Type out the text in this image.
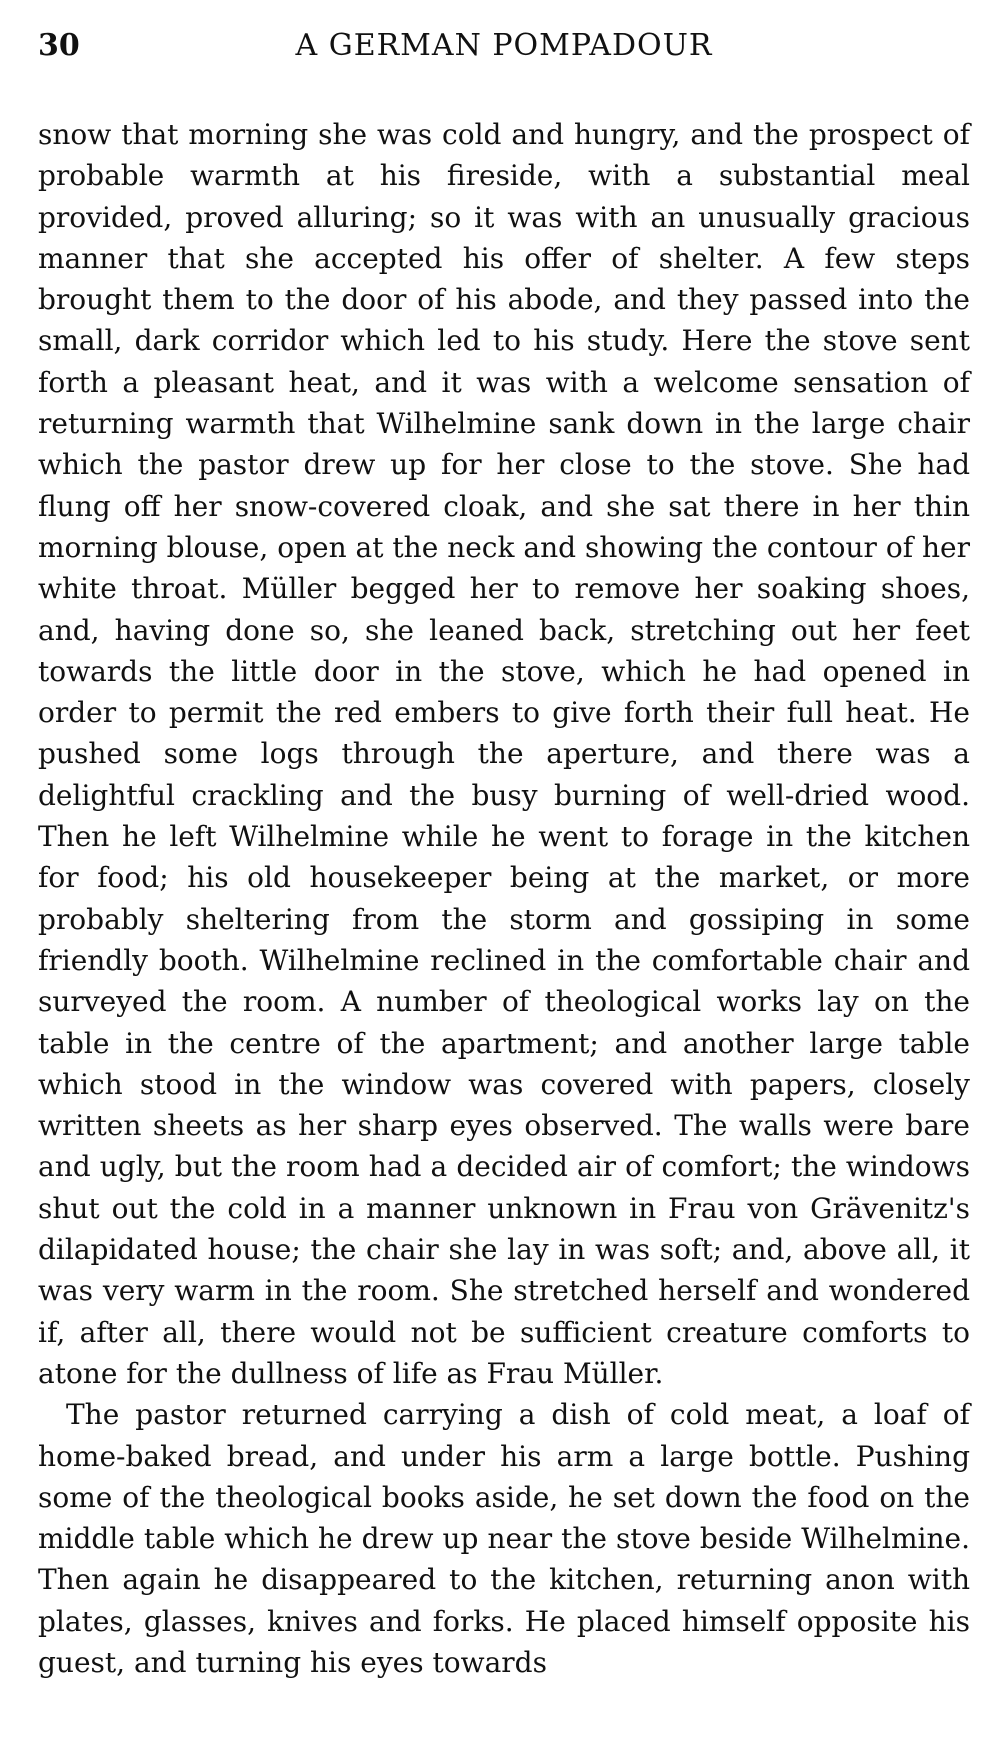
30	A GERMAN POMPADOUR

snow that morning she was cold and hungry, and the prospect of probable warmth at his fireside, with a substantial meal provided, proved alluring; so it was with an unusually gracious manner that she accepted his offer of shelter. A few steps brought them to the door of his abode, and they passed into the small, dark corridor which led to his study. Here the stove sent forth a pleasant heat, and it was with a welcome sensation of returning warmth that Wilhelmine sank down in the large chair which the pastor drew up for her close to the stove. She had flung off her snow-covered cloak, and she sat there in her thin morning blouse, open at the neck and showing the contour of her white throat. Müller begged her to remove her soaking shoes, and, having done so, she leaned back, stretching out her feet towards the little door in the stove, which he had opened in order to permit the red embers to give forth their full heat. He pushed some logs through the aperture, and there was a delightful crackling and the busy burning of well-dried wood. Then he left Wilhelmine while he went to forage in the kitchen for food; his old housekeeper being at the market, or more probably sheltering from the storm and gossiping in some friendly booth. Wilhelmine reclined in the comfortable chair and surveyed the room. A number of theological works lay on the table in the centre of the apartment; and another large table which stood in the window was covered with papers, closely written sheets as her sharp eyes observed. The walls were bare and ugly, but the room had a decided air of comfort; the windows shut out the cold in a manner unknown in Frau von Grävenitz's dilapidated house; the chair she lay in was soft; and, above all, it was very warm in the room. She stretched herself and wondered if, after all, there would not be sufficient creature comforts to atone for the dullness of life as Frau Müller.

The pastor returned carrying a dish of cold meat, a loaf of home-baked bread, and under his arm a large bottle. Pushing some of the theological books aside, he set down the food on the middle table which he drew up near the stove beside Wilhelmine. Then again he disappeared to the kitchen, returning anon with plates, glasses, knives and forks. He placed himself opposite his guest, and turning his eyes towards
